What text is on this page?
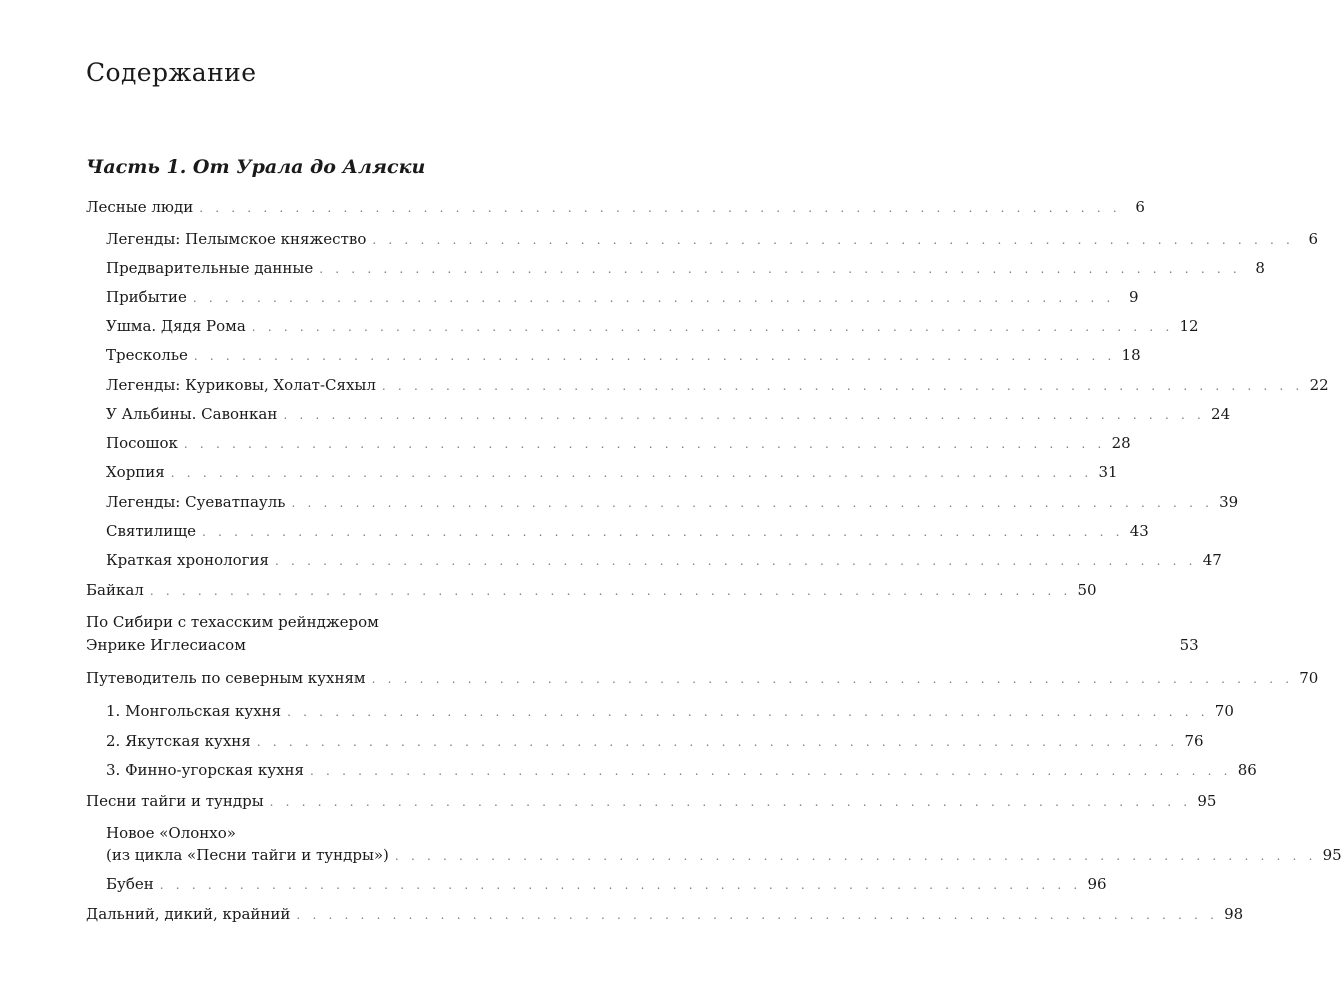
Содержание
Часть 1. От Урала до Аляски
Лесные люди . . . . . . . . . . . . . . . . . . . . . . . . . . . . . . . . . . . . . . . . . . . . . . . . . . . . . . . . . . 6
Легенды: Пелымское княжество . . . . . . . . . . . . . . . . . . . . . . . . . . . . . . . . . . . . . . . . . . . . . . . . . . . . . . . . . . 6
Предварительные данные . . . . . . . . . . . . . . . . . . . . . . . . . . . . . . . . . . . . . . . . . . . . . . . . . . . . . . . . . . 8
Прибытие . . . . . . . . . . . . . . . . . . . . . . . . . . . . . . . . . . . . . . . . . . . . . . . . . . . . . . . . . . 9
Ушма. Дядя Рома . . . . . . . . . . . . . . . . . . . . . . . . . . . . . . . . . . . . . . . . . . . . . . . . . . . . . . . . . . 12
Тресколье . . . . . . . . . . . . . . . . . . . . . . . . . . . . . . . . . . . . . . . . . . . . . . . . . . . . . . . . . . 18
Легенды: Куриковы, Холат-Сяхыл . . . . . . . . . . . . . . . . . . . . . . . . . . . . . . . . . . . . . . . . . . . . . . . . . . . . . . . . . . 22
У Альбины. Савонкан . . . . . . . . . . . . . . . . . . . . . . . . . . . . . . . . . . . . . . . . . . . . . . . . . . . . . . . . . . 24
Посошок . . . . . . . . . . . . . . . . . . . . . . . . . . . . . . . . . . . . . . . . . . . . . . . . . . . . . . . . . . 28
Хорпия . . . . . . . . . . . . . . . . . . . . . . . . . . . . . . . . . . . . . . . . . . . . . . . . . . . . . . . . . . 31
Легенды: Суеватпауль . . . . . . . . . . . . . . . . . . . . . . . . . . . . . . . . . . . . . . . . . . . . . . . . . . . . . . . . . . 39
Святилище . . . . . . . . . . . . . . . . . . . . . . . . . . . . . . . . . . . . . . . . . . . . . . . . . . . . . . . . . . 43
Краткая хронология . . . . . . . . . . . . . . . . . . . . . . . . . . . . . . . . . . . . . . . . . . . . . . . . . . . . . . . . . . 47
Байкал . . . . . . . . . . . . . . . . . . . . . . . . . . . . . . . . . . . . . . . . . . . . . . . . . . . . . . . . . . 50
По Сибири с техасским рейнджером
Энрике Иглесиасом	53
Путеводитель по северным кухням . . . . . . . . . . . . . . . . . . . . . . . . . . . . . . . . . . . . . . . . . . . . . . . . . . . . . . . . . . 70
1. Монгольская кухня . . . . . . . . . . . . . . . . . . . . . . . . . . . . . . . . . . . . . . . . . . . . . . . . . . . . . . . . . . 70
2. Якутская кухня . . . . . . . . . . . . . . . . . . . . . . . . . . . . . . . . . . . . . . . . . . . . . . . . . . . . . . . . . . 76
3. Финно-угорская кухня . . . . . . . . . . . . . . . . . . . . . . . . . . . . . . . . . . . . . . . . . . . . . . . . . . . . . . . . . . 86
Песни тайги и тундры . . . . . . . . . . . . . . . . . . . . . . . . . . . . . . . . . . . . . . . . . . . . . . . . . . . . . . . . . . 95
Новое «Олонхо»
(из цикла «Песни тайги и тундры») . . . . . . . . . . . . . . . . . . . . . . . . . . . . . . . . . . . . . . . . . . . . . . . . . . . . . . . . . . 95
Бубен . . . . . . . . . . . . . . . . . . . . . . . . . . . . . . . . . . . . . . . . . . . . . . . . . . . . . . . . . . 96
Дальний, дикий, крайний . . . . . . . . . . . . . . . . . . . . . . . . . . . . . . . . . . . . . . . . . . . . . . . . . . . . . . . . . . 98
